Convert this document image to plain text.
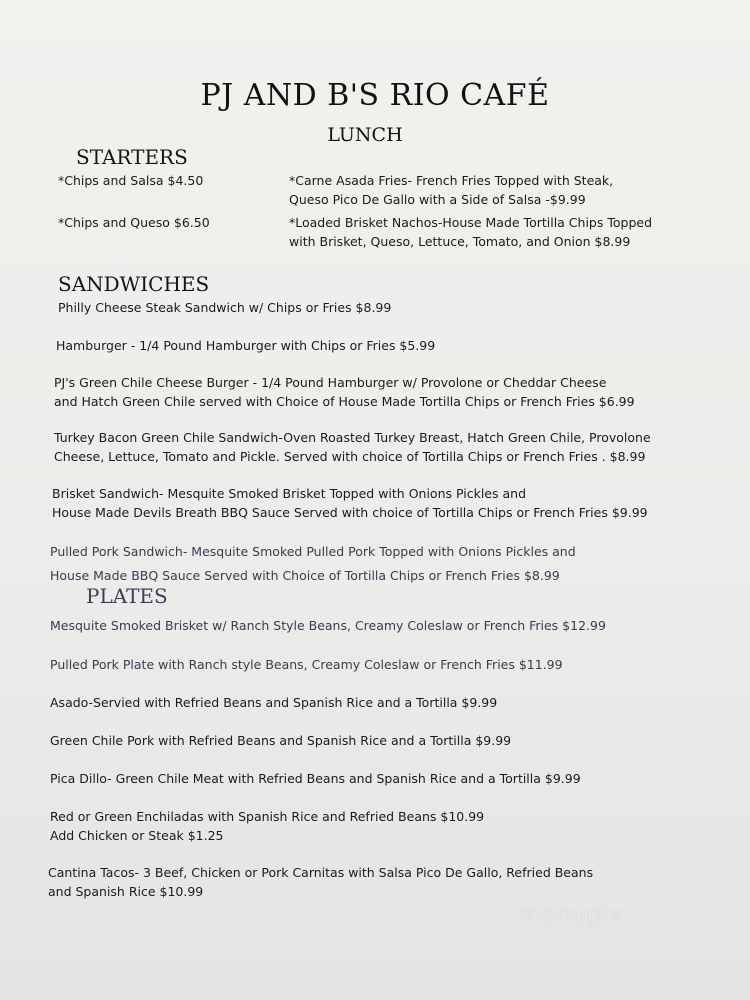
PJ AND B'S RIO CAFÉ
LUNCH
STARTERS
*Chips and Salsa $4.50
*Chips and Queso $6.50
*Carne Asada Fries- French Fries Topped with Steak,
Queso Pico De Gallo with a Side of Salsa -$9.99
*Loaded Brisket Nachos-House Made Tortilla Chips Topped
with Brisket, Queso, Lettuce, Tomato, and Onion $8.99
SANDWICHES
Philly Cheese Steak Sandwich w/ Chips or Fries $8.99
Hamburger - 1/4 Pound Hamburger with Chips or Fries $5.99
PJ's Green Chile Cheese Burger - 1/4 Pound Hamburger w/ Provolone or Cheddar Cheese
and Hatch Green Chile served with Choice of House Made Tortilla Chips or French Fries $6.99
Turkey Bacon Green Chile Sandwich-Oven Roasted Turkey Breast, Hatch Green Chile, Provolone
Cheese, Lettuce, Tomato and Pickle. Served with choice of Tortilla Chips or French Fries . $8.99
Brisket Sandwich- Mesquite Smoked Brisket Topped with Onions Pickles and
House Made Devils Breath BBQ Sauce Served with choice of Tortilla Chips or French Fries $9.99
Pulled Pork Sandwich- Mesquite Smoked Pulled Pork Topped with Onions Pickles and
House Made BBQ Sauce Served with Choice of Tortilla Chips or French Fries $8.99
PLATES
Mesquite Smoked Brisket w/ Ranch Style Beans, Creamy Coleslaw or French Fries $12.99
Pulled Pork Plate with Ranch style Beans, Creamy Coleslaw or French Fries $11.99
Asado-Servied with Refried Beans and Spanish Rice and a Tortilla $9.99
Green Chile Pork with Refried Beans and Spanish Rice and a Tortilla $9.99
Pica Dillo- Green Chile Meat with Refried Beans and Spanish Rice and a Tortilla $9.99
Red or Green Enchiladas with Spanish Rice and Refried Beans $10.99
Add Chicken or Steak $1.25
Cantina Tacos- 3 Beef, Chicken or Pork Carnitas with Salsa Pico De Gallo, Refried Beans
and Spanish Rice $10.99
menupix
